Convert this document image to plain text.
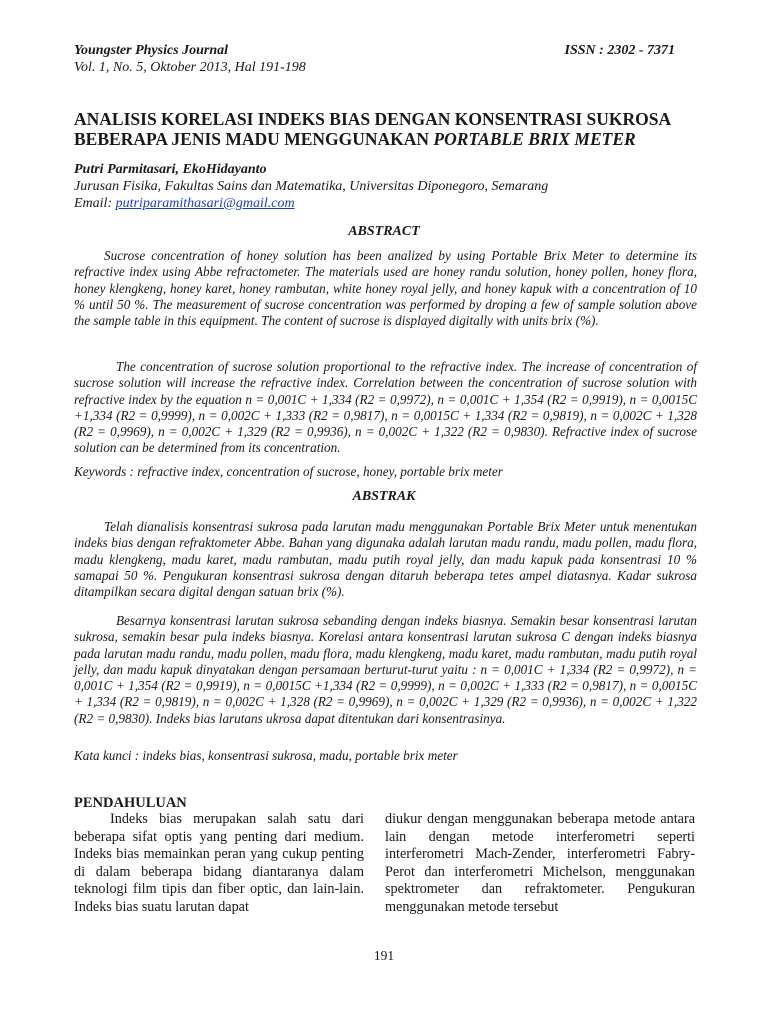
Youngster Physics Journal	ISSN : 2302 - 7371
Vol. 1, No. 5, Oktober 2013, Hal 191-198
ANALISIS KORELASI INDEKS BIAS DENGAN KONSENTRASI SUKROSA
BEBERAPA JENIS MADU MENGGUNAKAN PORTABLE BRIX METER
Putri Parmitasari, EkoHidayanto
Jurusan Fisika, Fakultas Sains dan Matematika, Universitas Diponegoro, Semarang
Email: putriparamithasari@gmail.com
ABSTRACT
Sucrose concentration of honey solution has been analized by using Portable Brix Meter to determine its refractive index using Abbe refractometer. The materials used are honey randu solution, honey pollen, honey flora, honey klengkeng, honey karet, honey rambutan, white honey royal jelly, and honey kapuk with a concentration of 10 % until 50 %. The measurement of sucrose concentration was performed by droping a few of sample solution above the sample table in this equipment. The content of sucrose is displayed digitally with units brix (%).
The concentration of sucrose solution proportional to the refractive index. The increase of concentration of sucrose solution will increase the refractive index. Correlation between the concentration of sucrose solution with refractive index by the equation n = 0,001C + 1,334 (R2 = 0,9972), n = 0,001C + 1,354 (R2 = 0,9919), n = 0,0015C +1,334 (R2 = 0,9999), n = 0,002C + 1,333 (R2 = 0,9817), n = 0,0015C + 1,334 (R2 = 0,9819), n = 0,002C + 1,328 (R2 = 0,9969), n = 0,002C + 1,329 (R2 = 0,9936), n = 0,002C + 1,322 (R2 = 0,9830). Refractive index of sucrose solution can be determined from its concentration.
Keywords : refractive index, concentration of sucrose, honey, portable brix meter
ABSTRAK
Telah dianalisis konsentrasi sukrosa pada larutan madu menggunakan Portable Brix Meter untuk menentukan indeks bias dengan refraktometer Abbe. Bahan yang digunaka adalah larutan madu randu, madu pollen, madu flora, madu klengkeng, madu karet, madu rambutan, madu putih royal jelly, dan madu kapuk pada konsentrasi 10 % samapai 50 %. Pengukuran konsentrasi sukrosa dengan ditaruh beberapa tetes ampel diatasnya. Kadar sukrosa ditampilkan secara digital dengan satuan brix (%).
Besarnya konsentrasi larutan sukrosa sebanding dengan indeks biasnya. Semakin besar konsentrasi larutan sukrosa, semakin besar pula indeks biasnya. Korelasi antara konsentrasi larutan sukrosa C dengan indeks biasnya pada larutan madu randu, madu pollen, madu flora, madu klengkeng, madu karet, madu rambutan, madu putih royal jelly, dan madu kapuk dinyatakan dengan persamaan berturut-turut yaitu : n = 0,001C + 1,334 (R2 = 0,9972), n = 0,001C + 1,354 (R2 = 0,9919), n = 0,0015C +1,334 (R2 = 0,9999), n = 0,002C + 1,333 (R2 = 0,9817), n = 0,0015C + 1,334 (R2 = 0,9819), n = 0,002C + 1,328 (R2 = 0,9969), n = 0,002C + 1,329 (R2 = 0,9936), n = 0,002C + 1,322 (R2 = 0,9830). Indeks bias larutans ukrosa dapat ditentukan dari konsentrasinya.
Kata kunci : indeks bias, konsentrasi sukrosa, madu, portable brix meter
PENDAHULUAN
Indeks bias merupakan salah satu dari beberapa sifat optis yang penting dari medium. Indeks bias memainkan peran yang cukup penting di dalam beberapa bidang diantaranya dalam teknologi film tipis dan fiber optic, dan lain-lain. Indeks bias suatu larutan dapat
diukur dengan menggunakan beberapa metode antara lain dengan metode interferometri seperti interferometri Mach-Zender, interferometri Fabry-Perot dan interferometri Michelson, menggunakan spektrometer dan refraktometer. Pengukuran menggunakan metode tersebut
191
